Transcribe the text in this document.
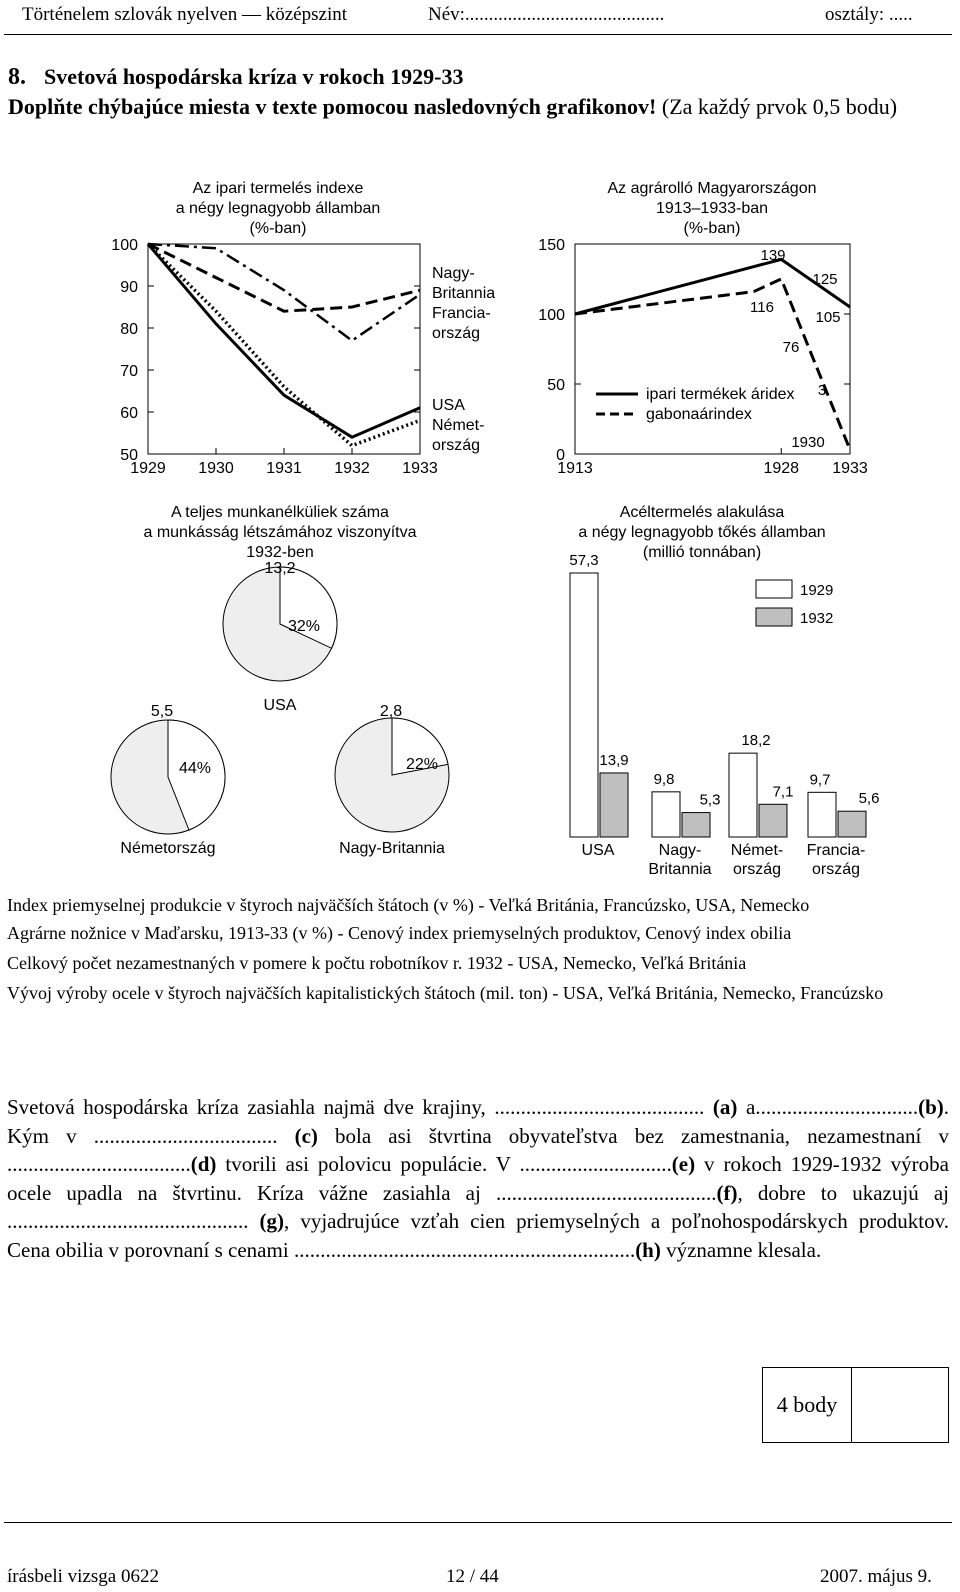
Történelem szlovák nyelven — középszint	Név:..........................................	osztály: .....
8. Svetová hospodárska kríza v rokoch 1929-33
Doplňte chýbajúce miesta v texte pomocou nasledovných grafikonov! (Za každý prvok 0,5 bodu)
Az ipari termelés indexe
a négy legnagyobb államban
(%-ban)
100
90
80
70
60
50
1929 1930 1931 1932 1933
Nagy-
Britannia
Francia-
ország
USA
Német-
ország
Az agrárolló Magyarországon
1913–1933-ban
(%-ban)
150
100
50
0
1913	1928 1933
ipari termékek áridex
gabonaárindex
139
125
116
105
76
3
1930
A teljes munkanélküliek száma
a munkásság létszámához viszonyítva
1932-ben
13,2
32%
USA
5,5
44%
Németország
2,8
22%
Nagy-Britannia
Acéltermelés alakulása
a négy legnagyobb tőkés államban
(millió tonnában)
57,3
13,9
USA
9,8
5,3
Nagy-
Britannia
18,2
7,1
Német-
ország
9,7
5,6
Francia-
ország
1929
1932
Index priemyselnej produkcie v štyroch najväčších štátoch (v %) - Veľká Británia, Francúzsko, USA, Nemecko
Agrárne nožnice v Maďarsku, 1913-33 (v %) - Cenový index priemyselných produktov, Cenový index obilia
Celkový počet nezamestnaných v pomere k počtu robotníkov r. 1932 - USA, Nemecko, Veľká Británia
Vývoj výroby ocele v štyroch najväčších kapitalistických štátoch (mil. ton) - USA, Veľká Británia, Nemecko, Francúzsko
Svetová hospodárska kríza zasiahla najmä dve krajiny, ........................................ (a) a...............................(b). Kým v ................................... (c) bola asi štvrtina obyvateľstva bez zamestnania, nezamestnaní v ...................................(d) tvorili asi polovicu populácie. V .............................(e) v rokoch 1929-1932 výroba ocele upadla na štvrtinu. Kríza vážne zasiahla aj ..........................................(f), dobre to ukazujú aj .............................................. (g), vyjadrujúce vzťah cien priemyselných a poľnohospodárskych produktov. Cena obilia v porovnaní s cenami .................................................................(h) významne klesala.
4 body
írásbeli vizsga 0622	12 / 44	2007. május 9.
